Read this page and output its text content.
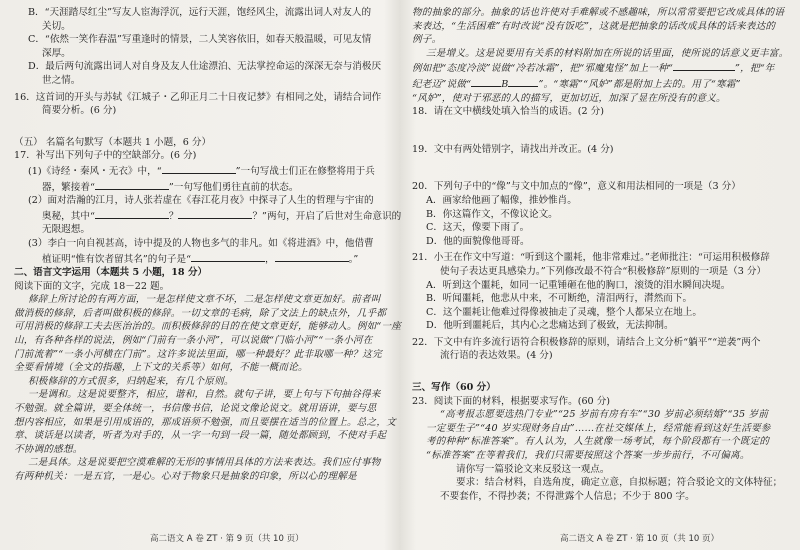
B．“天涯踏尽红尘”写友人宦海浮沉，远行天涯，饱经风尘，流露出词人对友人的
关切。
C．“依然一笑作春温”写重逢时的情景，二人笑容依旧，如春天般温暖，可见友情
深厚。
D．最后两句流露出词人对自身及友人仕途漂泊、无法掌控命运的深深无奈与消极厌
世之情。
16．这首词的开头与苏轼《江城子・乙卯正月二十日夜记梦》有相同之处，请结合词作
简要分析。(6 分)
（五） 名篇名句默写（本题共 1 小题，6 分）
17．补写出下列句子中的空缺部分。(6 分)
(1)《诗经・秦风・无衣》中，“	”一句写战士们正在修整将用于兵
器，繁接着“	”一句写他们勇往直前的状态。
(2）面对浩瀚的江月，诗人张若虚在《春江花月夜》中探寻了人生的哲理与宇宙的
奥秘，其中“	？	？”两句，开启了后世对生命意识的
无限遐想。
(3）李白一向自视甚高，诗中提及的人物也多气的非凡。如《将进酒》中，他借曹
植证明“惟有饮者留其名”的句子是“	，	。”
二、语言文字运用（本题共 5 小题，18 分）
阅读下面的文字，完成 18－22 题。
修辞上所讨论的有两方面，一是怎样使文章不坏，二是怎样使文章更加好。前者叫
做消极的修辞，后者叫做积极的修辞。一切文章的毛病，除了文法上的缺点外，几乎都
可用消极的修辞工夫去医治治的。而积极修辞的目的在使文章更好，能够动人。例如“一座
山，有各种各样的说法，例如“门前有一条小河”，可以说做“门临小河”“一条小河在
门前流着”“一条小河横在门前”。这许多说法里面，哪一种最好？此非取哪一种？这完
全要看情境（全文的指趣，上下文的关系等）如何，不能一概而论。
积极修辞的方式很多，归纳起来，有几个原则。
一是调和。这是说要整齐，相应，谐和，自然。就句子讲，要上句与下句抽谷得来
不勉强。就全篇讲，要全体统一，书信像书信，论说文像论说文。就用语讲，要与思
想内容相应，如果是引用成语的，那成语须不勉强，而且要摆在适当的位置上。总之，文
章、谈话是以读者，听者为对手的，从一字一句到一段一篇，随处都顾到，不使对手起
不协调的感想。
二是具体。这是说要把空漠难解的无形的事情用具体的方法来表达。我们应付事物
有两种机关：一是五官，一是心。心对于物象只是抽象的印象，所以心的理解是
物的抽象的部分。抽象的话也许使对手难解或不感趣味，所以常常要把它改成具体的语
来表达，“生活困难”有时改说“没有饭吃”，这就是把抽象的话改成具体的话来表达的
例子。
三是增义。这是说要用有关系的材料附加在所说的话里面，使所说的话意义更丰富。
例如把“态度冷淡”说做“冷若冰霜”，把“邪魔鬼怪”加上一种“	”，把“年
纪老迈”说做“	B	”。“寒霜”“风妒”都是附加上去的。用了“寒霜”
“风妒”，使对于邪恶的人的描写，更加切近，加深了显在所没有的意义。
18．请在文中横线处填入恰当的成语。(2 分)
19．文中有两处错别字，请找出并改正。(4 分)
20．下列句子中的“像”与文中加点的“像”，意义和用法相同的一项是（3 分）
A．画家给他画了幅像，推妙惟肖。
B．你这篇作文，不像议论文。
C．这天，像要下雨了。
D．他的面貌像他哥哥。
21．小王在作文中写道：“听到这个噩耗，他非常难过。”老师批注：“可运用积极修辞
使句子表达更具感染力。”下列修改最不符合“积极修辞”原则的一项是（3 分）
A．听到这个噩耗，如同一记重锤砸在他的胸口，滚烫的泪水瞬间决堤。
B．听闻噩耗，他悲从中来，不可断绝，清泪两行，潸然而下。
C．这个噩耗让他难过得像被抽走了灵魂，整个人都呆立在地上。
D．他听到噩耗后，其内心之悲痛达到了极致，无法抑制。
22．下文中有许多流行语符合积极修辞的原则，请结合上文分析“躺平”“逆袭”两个
流行语的表达效果。(4 分)
三、写作（60 分）
23．阅读下面的材料，根据要求写作。(60 分)
“高考报志愿要选热门专业”“25 岁前有房有车”“30 岁前必须结婚”“35 岁前
一定要生子”“40 岁实现财务自由”……在社交媒体上，经常能看到这好生活要参
考的种种“标准答案”。有人认为，人生就像一场考试，每个阶段都有一个既定的
“标准答案”在等着我们，我们只需要按照这个答案一步步前行，不可偏离。
请你写一篇驳论文来反驳这一观点。
要求：结合材料，自选角度，确定立意，自拟标题；符合驳论文的文体特征；
不要套作，不得抄袭；不得泄露个人信息；不少于 800 字。
高二语文 A 卷 ZT · 第 9 页（共 10 页）	高二语文 A 卷 ZT · 第 10 页（共 10 页）
